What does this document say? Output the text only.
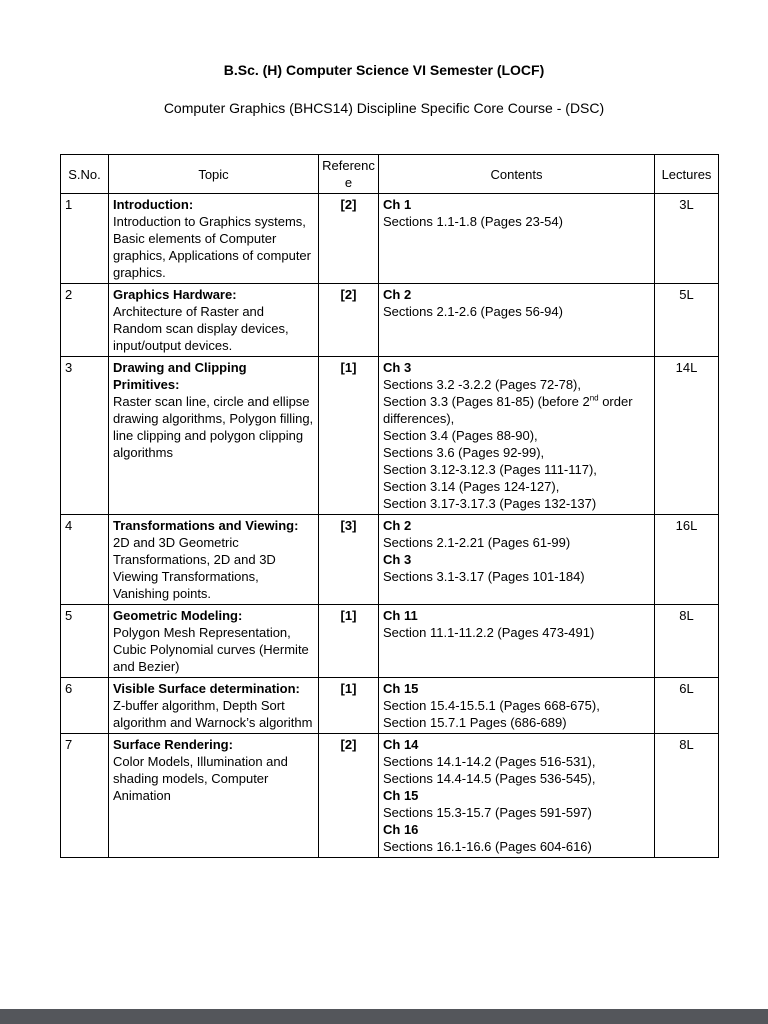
B.Sc. (H) Computer Science VI Semester (LOCF)
Computer Graphics (BHCS14) Discipline Specific Core Course - (DSC)
S.No.	Topic	Reference	Contents	Lectures
1	Introduction:
Introduction to Graphics systems, Basic elements of Computer graphics, Applications of computer graphics.	[2]	Ch 1
Sections 1.1-1.8 (Pages 23-54)
	3L
2	Graphics Hardware:
Architecture of Raster and Random scan display devices, input/output devices.	[2]	Ch 2
Sections 2.1-2.6 (Pages 56-94)
	5L
3	Drawing and Clipping Primitives:
Raster scan line, circle and ellipse drawing algorithms, Polygon filling, line clipping and polygon clipping algorithms	[1]	Ch 3
Sections 3.2 -3.2.2 (Pages 72-78),
Section 3.3 (Pages 81-85) (before 2nd order differences),
Section 3.4 (Pages 88-90),
Sections 3.6 (Pages 92-99),
Section 3.12-3.12.3 (Pages 111-117),
Section 3.14 (Pages 124-127),
Section 3.17-3.17.3 (Pages 132-137)
	14L
4	Transformations and Viewing:
2D and 3D Geometric Transformations, 2D and 3D Viewing Transformations, Vanishing points.	[3]	Ch 2
Sections 2.1-2.21 (Pages 61-99)
Ch 3
Sections 3.1-3.17 (Pages 101-184)
	16L
5	Geometric Modeling:
Polygon Mesh Representation, Cubic Polynomial curves (Hermite and Bezier)	[1]	Ch 11
Section 11.1-11.2.2 (Pages 473-491)
	8L
6	Visible Surface determination:
Z-buffer algorithm, Depth Sort algorithm and Warnock’s algorithm	[1]	Ch 15
Section 15.4-15.5.1 (Pages 668-675),
Section 15.7.1 Pages (686-689)
	6L
7	Surface Rendering:
Color Models, Illumination and shading models, Computer Animation	[2]	Ch 14
Sections 14.1-14.2 (Pages 516-531),
Sections 14.4-14.5 (Pages 536-545),
Ch 15
Sections 15.3-15.7 (Pages 591-597)
Ch 16
Sections 16.1-16.6 (Pages 604-616)
	8L
